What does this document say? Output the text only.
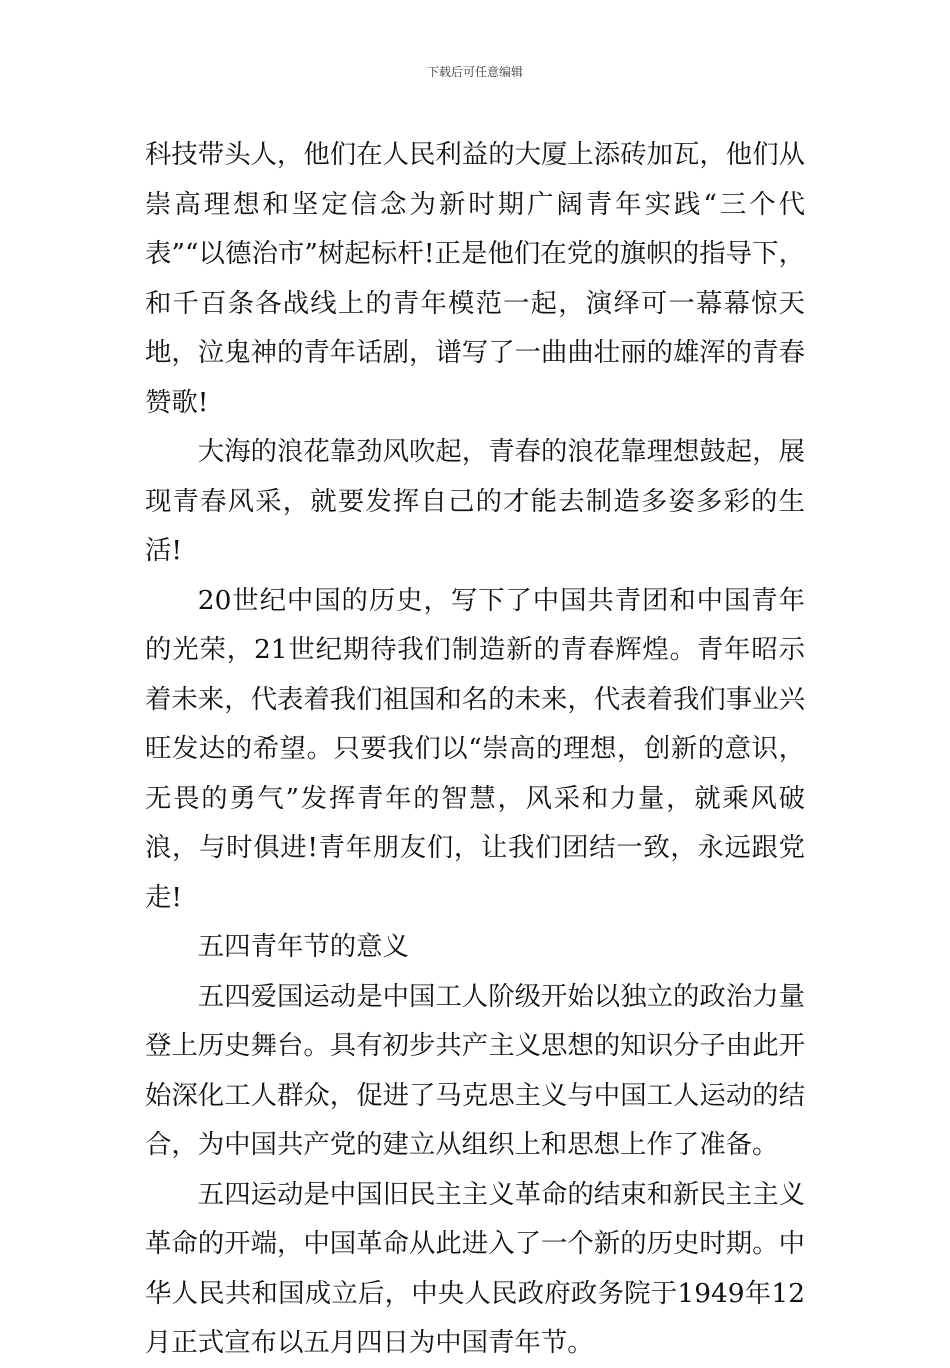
下载后可任意编辑

科技带头人，他们在人民利益的大厦上添砖加瓦，他们从崇高理想和坚定信念为新时期广阔青年实践“三个代表”“以德治市”树起标杆!正是他们在党的旗帜的指导下，和千百条各战线上的青年模范一起，演绎可一幕幕惊天地，泣鬼神的青年话剧，谱写了一曲曲壮丽的雄浑的青春赞歌!

大海的浪花靠劲风吹起，青春的浪花靠理想鼓起，展现青春风采，就要发挥自己的才能去制造多姿多彩的生活!

20世纪中国的历史，写下了中国共青团和中国青年的光荣，21世纪期待我们制造新的青春辉煌。青年昭示着未来，代表着我们祖国和名的未来，代表着我们事业兴旺发达的希望。只要我们以“崇高的理想，创新的意识，无畏的勇气”发挥青年的智慧，风采和力量，就乘风破浪，与时俱进!青年朋友们，让我们团结一致，永远跟党走!

五四青年节的意义

五四爱国运动是中国工人阶级开始以独立的政治力量登上历史舞台。具有初步共产主义思想的知识分子由此开始深化工人群众，促进了马克思主义与中国工人运动的结合，为中国共产党的建立从组织上和思想上作了准备。

五四运动是中国旧民主主义革命的结束和新民主主义革命的开端，中国革命从此进入了一个新的历史时期。中华人民共和国成立后，中央人民政府政务院于1949年12月正式宣布以五月四日为中国青年节。
